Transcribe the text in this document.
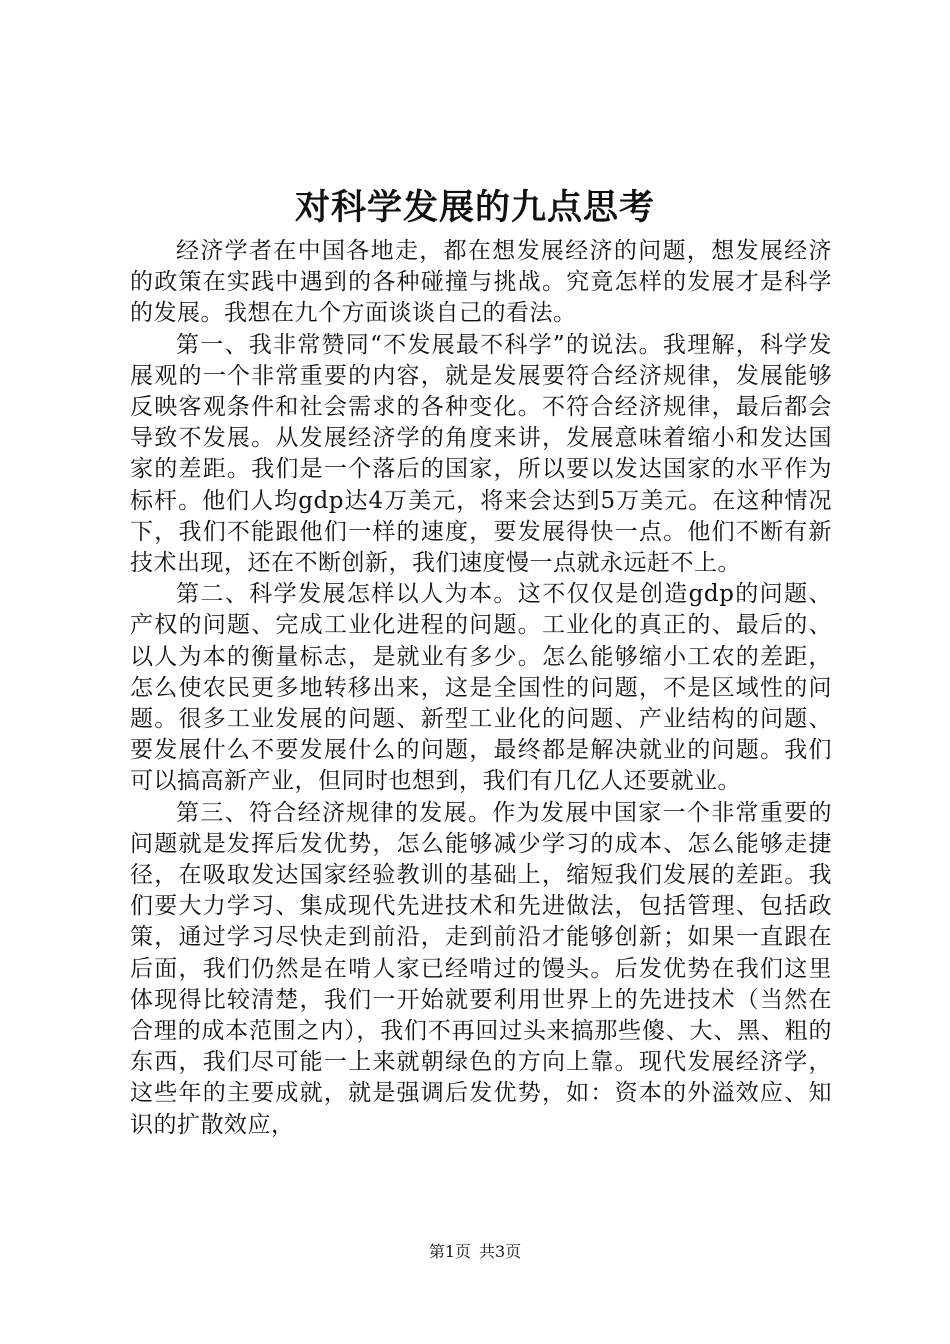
对科学发展的九点思考

经济学者在中国各地走，都在想发展经济的问题，想发展经济的政策在实践中遇到的各种碰撞与挑战。究竟怎样的发展才是科学的发展。我想在九个方面谈谈自己的看法。

第一、我非常赞同“不发展最不科学”的说法。我理解，科学发展观的一个非常重要的内容，就是发展要符合经济规律，发展能够反映客观条件和社会需求的各种变化。不符合经济规律，最后都会导致不发展。从发展经济学的角度来讲，发展意味着缩小和发达国家的差距。我们是一个落后的国家，所以要以发达国家的水平作为标杆。他们人均gdp达4万美元，将来会达到5万美元。在这种情况下，我们不能跟他们一样的速度，要发展得快一点。他们不断有新技术出现，还在不断创新，我们速度慢一点就永远赶不上。

第二、科学发展怎样以人为本。这不仅仅是创造gdp的问题、产权的问题、完成工业化进程的问题。工业化的真正的、最后的、以人为本的衡量标志，是就业有多少。怎么能够缩小工农的差距，怎么使农民更多地转移出来，这是全国性的问题，不是区域性的问题。很多工业发展的问题、新型工业化的问题、产业结构的问题、要发展什么不要发展什么的问题，最终都是解决就业的问题。我们可以搞高新产业，但同时也想到，我们有几亿人还要就业。

第三、符合经济规律的发展。作为发展中国家一个非常重要的问题就是发挥后发优势，怎么能够减少学习的成本、怎么能够走捷径，在吸取发达国家经验教训的基础上，缩短我们发展的差距。我们要大力学习、集成现代先进技术和先进做法，包括管理、包括政策，通过学习尽快走到前沿，走到前沿才能够创新；如果一直跟在后面，我们仍然是在啃人家已经啃过的馒头。后发优势在我们这里体现得比较清楚，我们一开始就要利用世界上的先进技术（当然在合理的成本范围之内），我们不再回过头来搞那些傻、大、黑、粗的东西，我们尽可能一上来就朝绿色的方向上靠。现代发展经济学，这些年的主要成就，就是强调后发优势，如：资本的外溢效应、知识的扩散效应，

第1页 共3页
